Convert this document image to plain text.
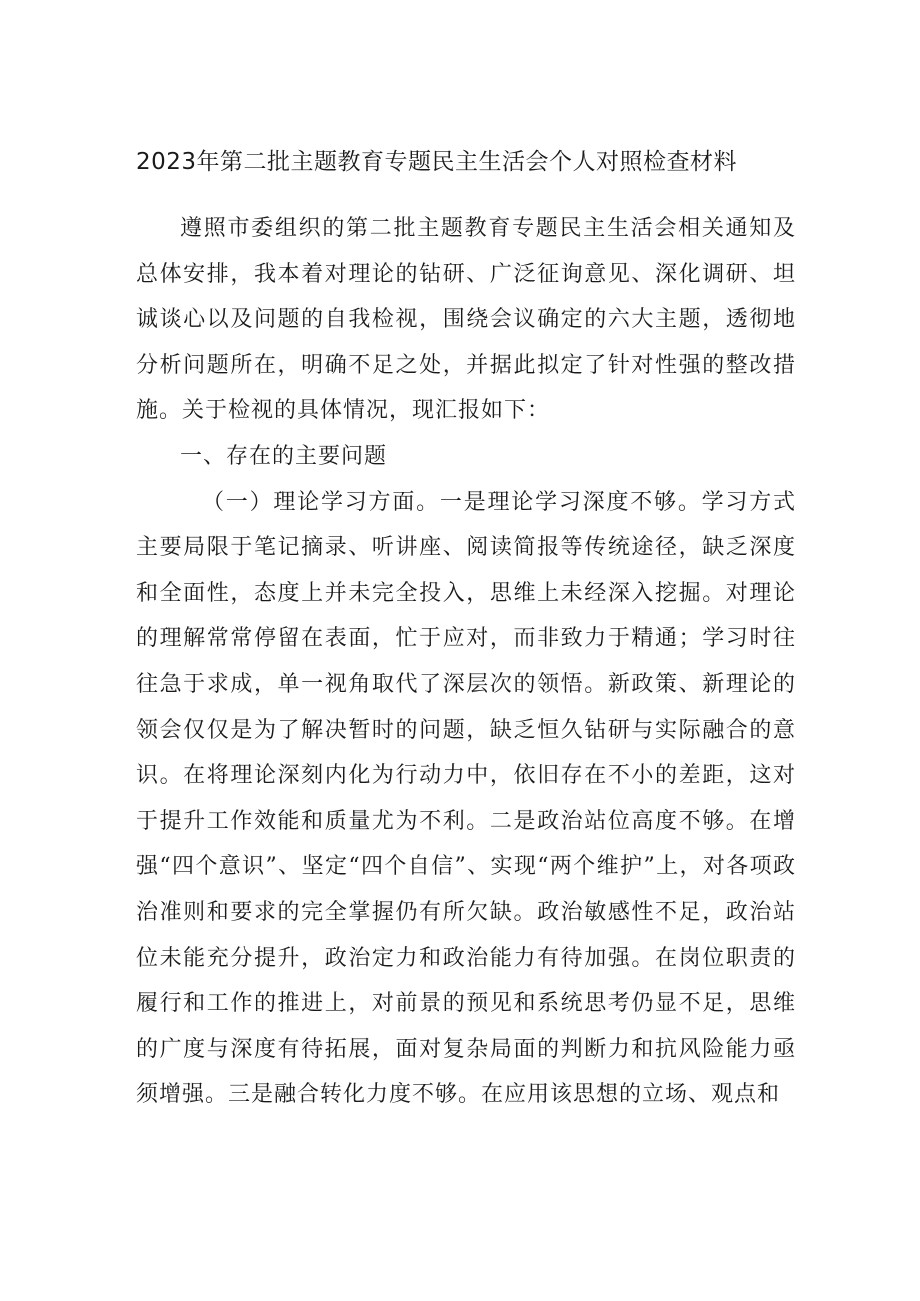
2023年第二批主题教育专题民主生活会个人对照检查材料

遵照市委组织的第二批主题教育专题民主生活会相关通知及总体安排，我本着对理论的钻研、广泛征询意见、深化调研、坦诚谈心以及问题的自我检视，围绕会议确定的六大主题，透彻地分析问题所在，明确不足之处，并据此拟定了针对性强的整改措施。关于检视的具体情况，现汇报如下：

一、存在的主要问题

（一）理论学习方面。一是理论学习深度不够。学习方式主要局限于笔记摘录、听讲座、阅读简报等传统途径，缺乏深度和全面性，态度上并未完全投入，思维上未经深入挖掘。对理论的理解常常停留在表面，忙于应对，而非致力于精通；学习时往往急于求成，单一视角取代了深层次的领悟。新政策、新理论的领会仅仅是为了解决暂时的问题，缺乏恒久钻研与实际融合的意识。在将理论深刻内化为行动力中，依旧存在不小的差距，这对于提升工作效能和质量尤为不利。二是政治站位高度不够。在增强“四个意识”、坚定“四个自信”、实现“两个维护”上，对各项政治准则和要求的完全掌握仍有所欠缺。政治敏感性不足，政治站位未能充分提升，政治定力和政治能力有待加强。在岗位职责的履行和工作的推进上，对前景的预见和系统思考仍显不足，思维的广度与深度有待拓展，面对复杂局面的判断力和抗风险能力亟须增强。三是融合转化力度不够。在应用该思想的立场、观点和
